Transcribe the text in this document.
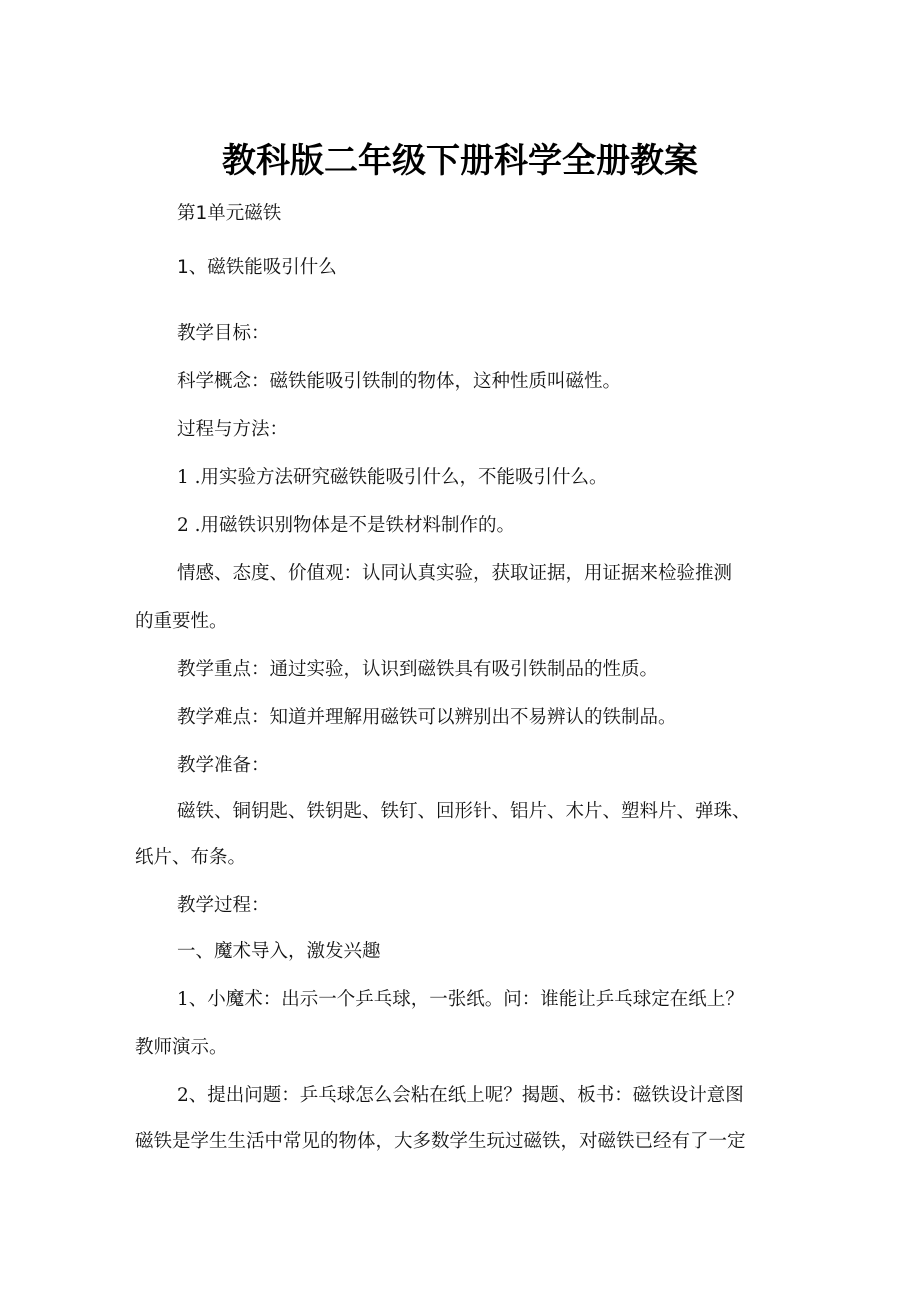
教科版二年级下册科学全册教案
第1单元磁铁
1、磁铁能吸引什么
教学目标：
科学概念：磁铁能吸引铁制的物体，这种性质叫磁性。
过程与方法：
1 .用实验方法研究磁铁能吸引什么，不能吸引什么。
2 .用磁铁识别物体是不是铁材料制作的。
情感、态度、价值观：认同认真实验，获取证据，用证据来检验推测
的重要性。
教学重点：通过实验，认识到磁铁具有吸引铁制品的性质。
教学难点：知道并理解用磁铁可以辨别出不易辨认的铁制品。
教学准备：
磁铁、铜钥匙、铁钥匙、铁钉、回形针、铝片、木片、塑料片、弹珠、
纸片、布条。
教学过程：
一、魔术导入，激发兴趣
1、小魔术：出示一个乒乓球，一张纸。问：谁能让乒乓球定在纸上？
教师演示。
2、提出问题：乒乓球怎么会粘在纸上呢？揭题、板书：磁铁设计意图
磁铁是学生生活中常见的物体，大多数学生玩过磁铁，对磁铁已经有了一定
